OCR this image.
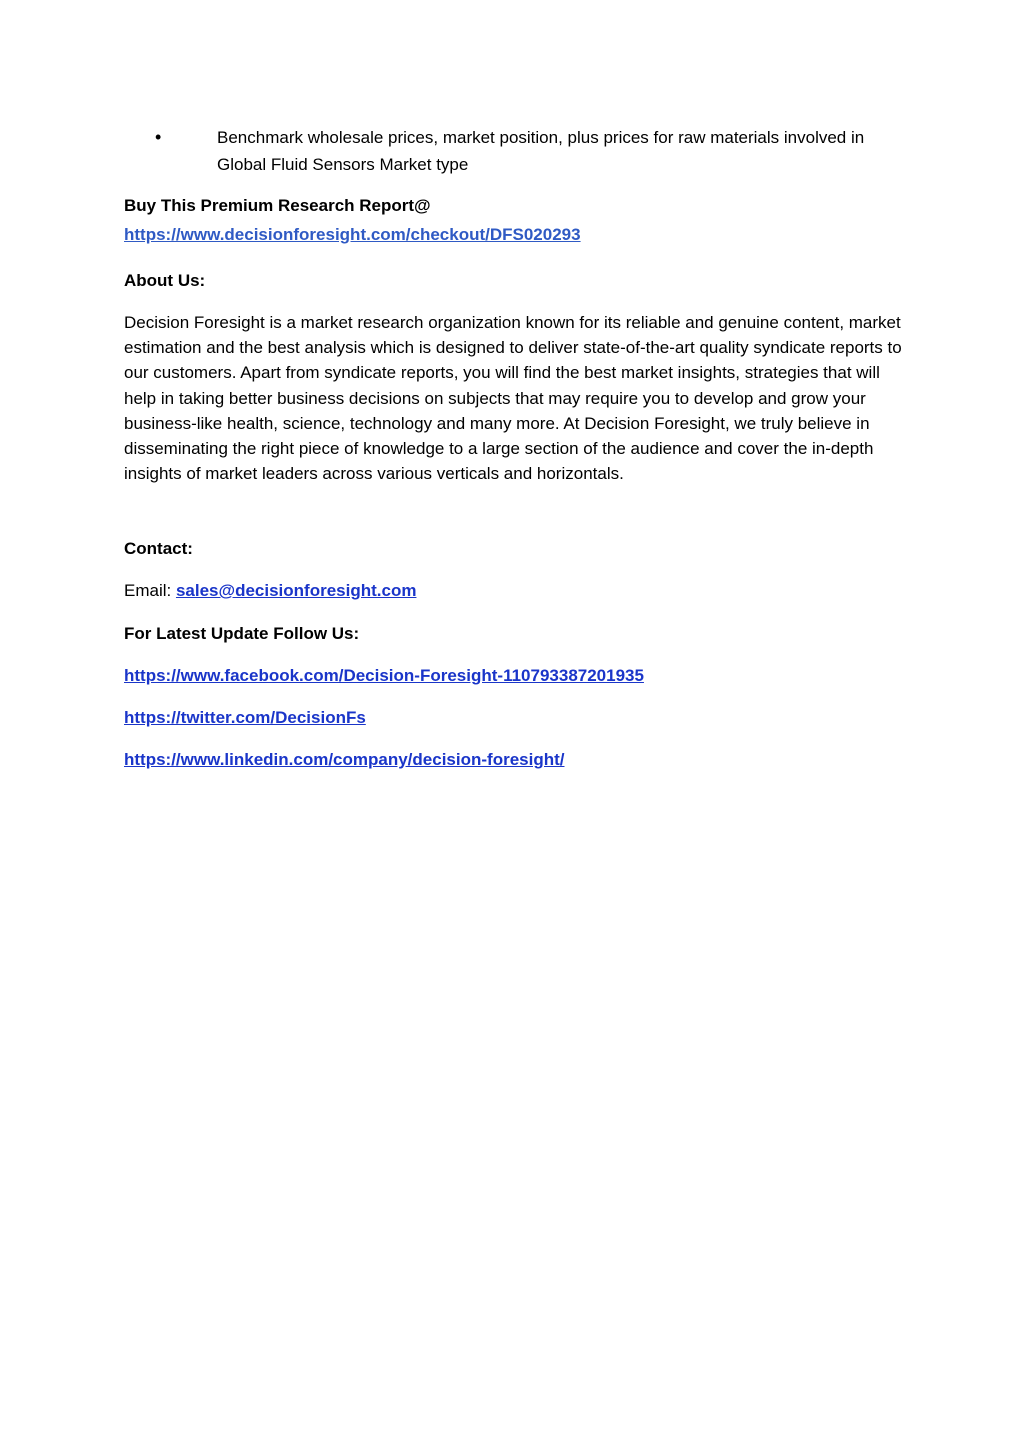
•	Benchmark wholesale prices, market position, plus prices for raw materials involved in Global Fluid Sensors Market type
Buy This Premium Research Report@
https://www.decisionforesight.com/checkout/DFS020293
About Us:
Decision Foresight is a market research organization known for its reliable and genuine content, market estimation and the best analysis which is designed to deliver state-of-the-art quality syndicate reports to our customers. Apart from syndicate reports, you will find the best market insights, strategies that will help in taking better business decisions on subjects that may require you to develop and grow your business-like health, science, technology and many more. At Decision Foresight, we truly believe in disseminating the right piece of knowledge to a large section of the audience and cover the in-depth insights of market leaders across various verticals and horizontals.
Contact:
Email: sales@decisionforesight.com
For Latest Update Follow Us:
https://www.facebook.com/Decision-Foresight-110793387201935
https://twitter.com/DecisionFs
https://www.linkedin.com/company/decision-foresight/
